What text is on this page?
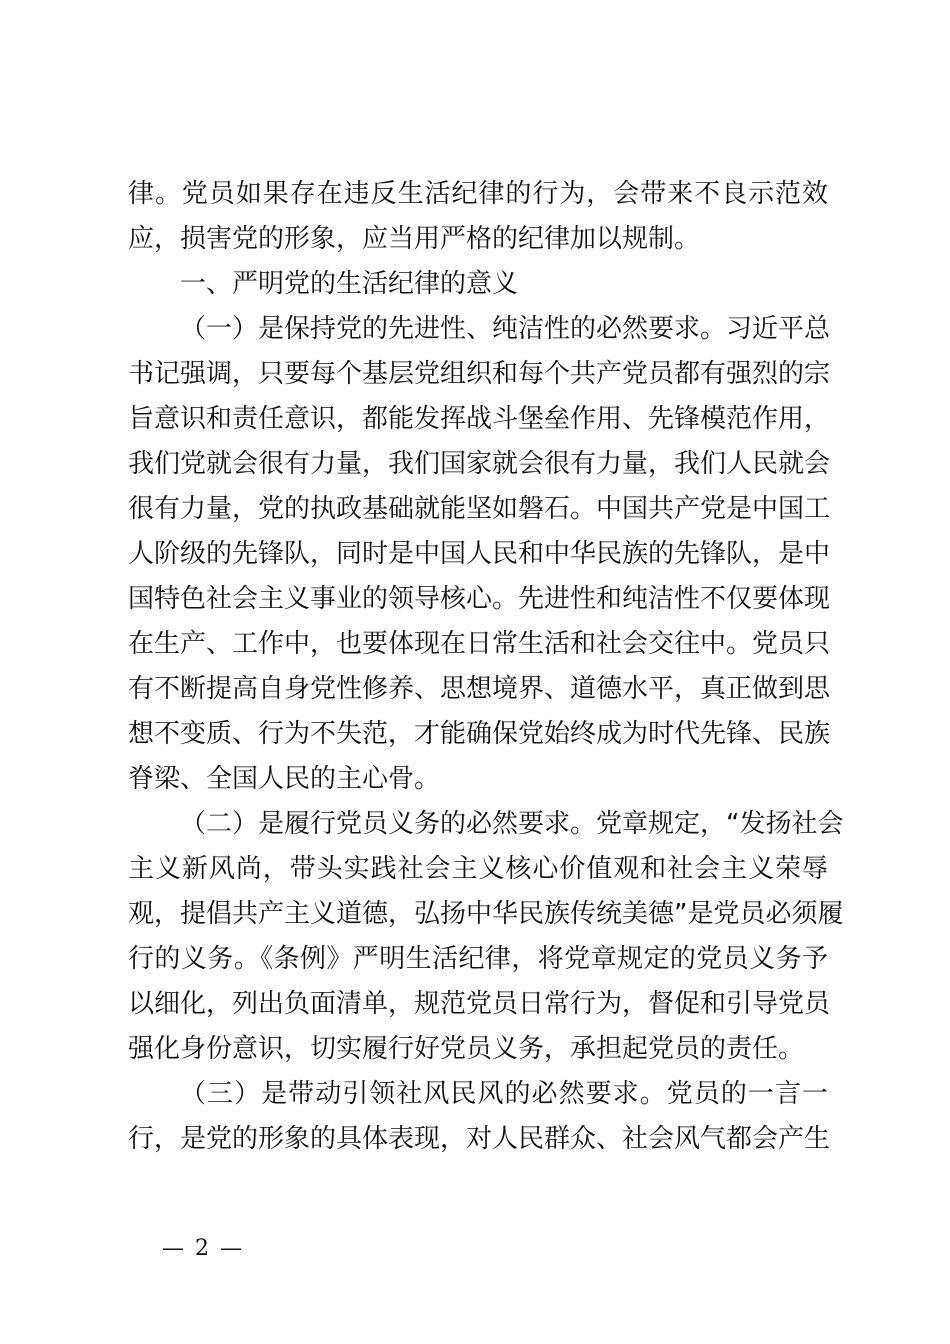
律。党员如果存在违反生活纪律的行为，会带来不良示范效
应，损害党的形象，应当用严格的纪律加以规制。
一、严明党的生活纪律的意义
（一）是保持党的先进性、纯洁性的必然要求。习近平总
书记强调，只要每个基层党组织和每个共产党员都有强烈的宗
旨意识和责任意识，都能发挥战斗堡垒作用、先锋模范作用，
我们党就会很有力量，我们国家就会很有力量，我们人民就会
很有力量，党的执政基础就能坚如磐石。中国共产党是中国工
人阶级的先锋队，同时是中国人民和中华民族的先锋队，是中
国特色社会主义事业的领导核心。先进性和纯洁性不仅要体现
在生产、工作中，也要体现在日常生活和社会交往中。党员只
有不断提高自身党性修养、思想境界、道德水平，真正做到思
想不变质、行为不失范，才能确保党始终成为时代先锋、民族
脊梁、全国人民的主心骨。
（二）是履行党员义务的必然要求。党章规定，“发扬社会
主义新风尚，带头实践社会主义核心价值观和社会主义荣辱
观，提倡共产主义道德，弘扬中华民族传统美德”是党员必须履
行的义务。《条例》严明生活纪律，将党章规定的党员义务予
以细化，列出负面清单，规范党员日常行为，督促和引导党员
强化身份意识，切实履行好党员义务，承担起党员的责任。
（三）是带动引领社风民风的必然要求。党员的一言一
行，是党的形象的具体表现，对人民群众、社会风气都会产生
— 2 —
